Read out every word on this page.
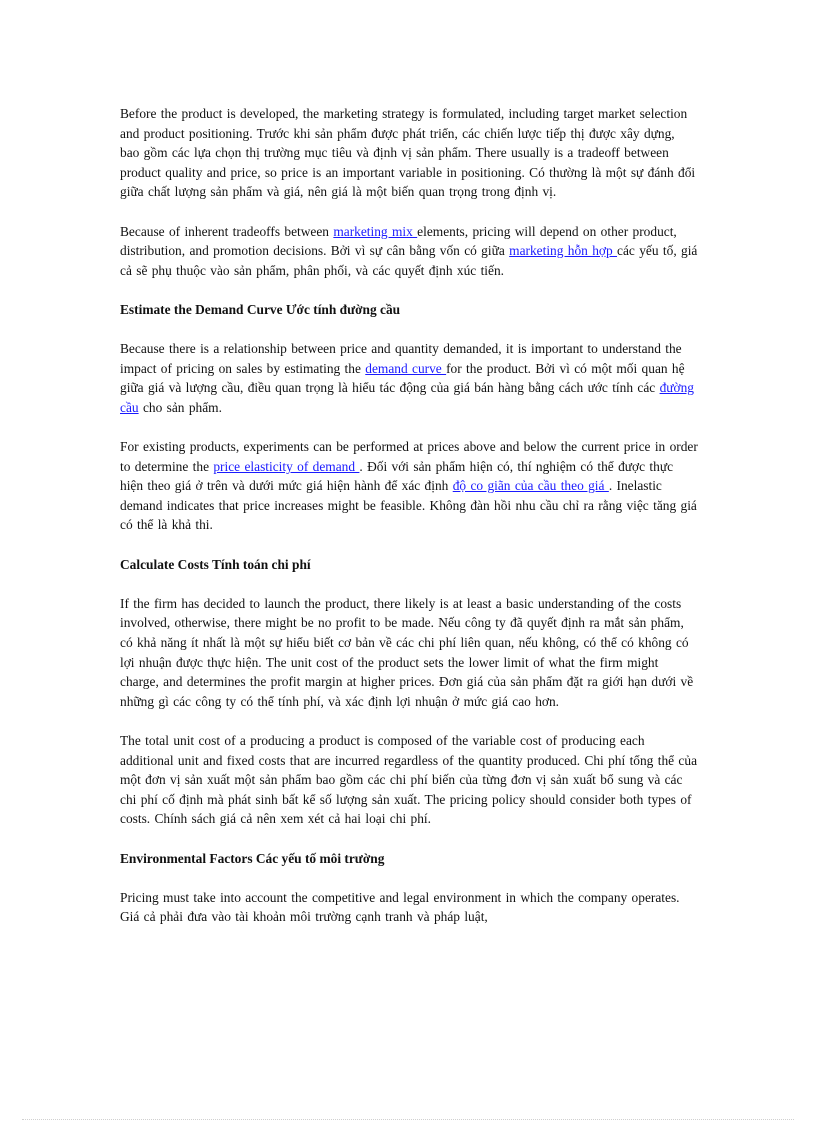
Before the product is developed, the marketing strategy is formulated, including target market selection and product positioning. Trước khi sản phẩm được phát triển, các chiến lược tiếp thị được xây dựng, bao gồm các lựa chọn thị trường mục tiêu và định vị sản phẩm. There usually is a tradeoff between product quality and price, so price is an important variable in positioning. Có thường là một sự đánh đổi giữa chất lượng sản phẩm và giá, nên giá là một biến quan trọng trong định vị.

Because of inherent tradeoffs between marketing mix elements, pricing will depend on other product, distribution, and promotion decisions. Bởi vì sự cân bằng vốn có giữa marketing hỗn hợp các yếu tố, giá cả sẽ phụ thuộc vào sản phẩm, phân phối, và các quyết định xúc tiến.

Estimate the Demand Curve Ước tính đường cầu

Because there is a relationship between price and quantity demanded, it is important to understand the impact of pricing on sales by estimating the demand curve for the product. Bởi vì có một mối quan hệ giữa giá và lượng cầu, điều quan trọng là hiểu tác động của giá bán hàng bằng cách ước tính các đường cầu cho sản phẩm.

For existing products, experiments can be performed at prices above and below the current price in order to determine the price elasticity of demand . Đối với sản phẩm hiện có, thí nghiệm có thể được thực hiện theo giá ở trên và dưới mức giá hiện hành để xác định độ co giãn của cầu theo giá . Inelastic demand indicates that price increases might be feasible. Không đàn hồi nhu cầu chỉ ra rằng việc tăng giá có thể là khả thi.

Calculate Costs Tính toán chi phí

If the firm has decided to launch the product, there likely is at least a basic understanding of the costs involved, otherwise, there might be no profit to be made. Nếu công ty đã quyết định ra mắt sản phẩm, có khả năng ít nhất là một sự hiểu biết cơ bản về các chi phí liên quan, nếu không, có thể có không có lợi nhuận được thực hiện. The unit cost of the product sets the lower limit of what the firm might charge, and determines the profit margin at higher prices. Đơn giá của sản phẩm đặt ra giới hạn dưới về những gì các công ty có thể tính phí, và xác định lợi nhuận ở mức giá cao hơn.

The total unit cost of a producing a product is composed of the variable cost of producing each additional unit and fixed costs that are incurred regardless of the quantity produced. Chi phí tổng thể của một đơn vị sản xuất một sản phẩm bao gồm các chi phí biến của từng đơn vị sản xuất bổ sung và các chi phí cố định mà phát sinh bất kể số lượng sản xuất. The pricing policy should consider both types of costs. Chính sách giá cả nên xem xét cả hai loại chi phí.

Environmental Factors Các yếu tố môi trường

Pricing must take into account the competitive and legal environment in which the company operates. Giá cả phải đưa vào tài khoản môi trường cạnh tranh và pháp luật,
